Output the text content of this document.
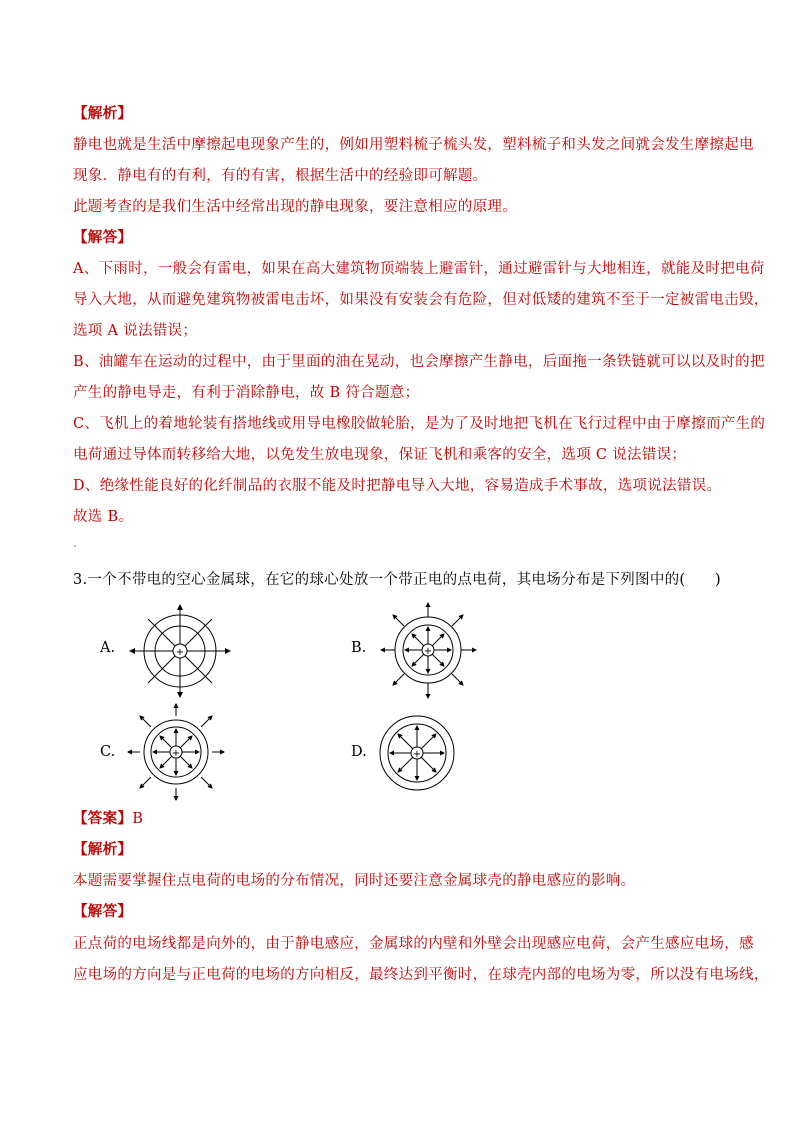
【解析】
静电也就是生活中摩擦起电现象产生的，例如用塑料梳子梳头发，塑料梳子和头发之间就会发生摩擦起电
现象．静电有的有利，有的有害，根据生活中的经验即可解题。
此题考查的是我们生活中经常出现的静电现象，要注意相应的原理。
【解答】
A、下雨时，一般会有雷电，如果在高大建筑物顶端装上避雷针，通过避雷针与大地相连，就能及时把电荷
导入大地，从而避免建筑物被雷电击坏，如果没有安装会有危险，但对低矮的建筑不至于一定被雷电击毁，
选项 A 说法错误；
B、油罐车在运动的过程中，由于里面的油在晃动，也会摩擦产生静电，后面拖一条铁链就可以以及时的把
产生的静电导走，有利于消除静电，故 B 符合题意；
C、飞机上的着地轮装有搭地线或用导电橡胶做轮胎，是为了及时地把飞机在飞行过程中由于摩擦而产生的
电荷通过导体而转移给大地，以免发生放电现象，保证飞机和乘客的安全，选项 C 说法错误；
D、绝缘性能良好的化纤制品的衣服不能及时把静电导入大地，容易造成手术事故，选项说法错误。
故选 B。
3.一个不带电的空心金属球，在它的球心处放一个带正电的点电荷，其电场分布是下列图中的(　　)
A.	+	B.	+
C.	+	D.	+
【答案】B
【解析】
本题需要掌握住点电荷的电场的分布情况，同时还要注意金属球壳的静电感应的影响。
【解答】
正点荷的电场线都是向外的，由于静电感应，金属球的内壁和外壁会出现感应电荷，会产生感应电场，感
应电场的方向是与正电荷的电场的方向相反，最终达到平衡时，在球壳内部的电场为零，所以没有电场线，
